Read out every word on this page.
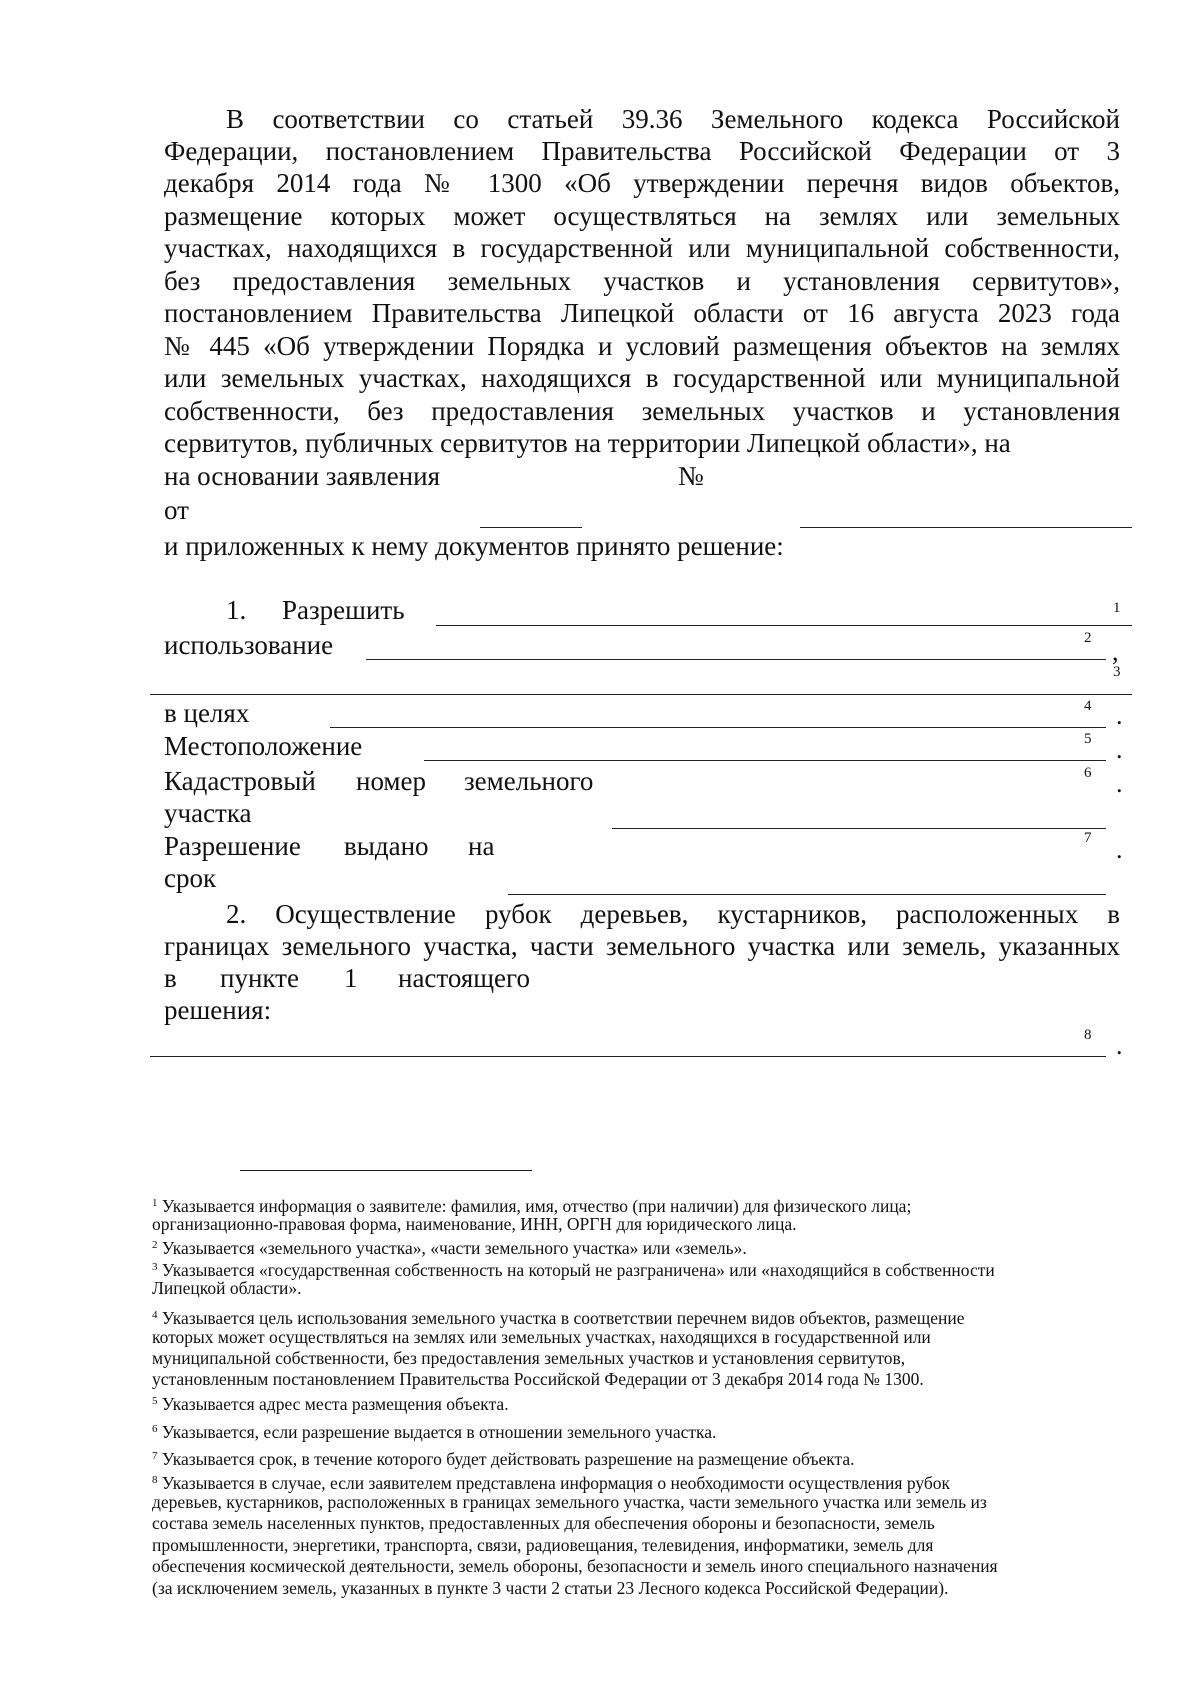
В соответствии со статьей 39.36 Земельного кодекса Российской
Федерации, постановлением Правительства Российской Федерации от 3
декабря 2014 года № 1300 «Об утверждении перечня видов объектов,
размещение которых может осуществляться на землях или земельных
участках, находящихся в государственной или муниципальной собственности,
без предоставления земельных участков и установления сервитутов»,
постановлением Правительства Липецкой области от 16 августа 2023 года
№ 445 «Об утверждении Порядка и условий размещения объектов на землях
или земельных участках, находящихся в государственной или муниципальной
собственности, без предоставления земельных участков и установления
сервитутов, публичных сервитутов на территории Липецкой области», на
на основании заявления	№
от
и приложенных к нему документов принято решение:
1. Разрешить	1
использование	2 ,
3
в целях	4 .
Местоположение	5 .
Кадастровый номер земельного	6 .
участка
Разрешение выдано на	7 .
срок
2. Осуществление рубок деревьев, кустарников, расположенных в
границах земельного участка, части земельного участка или земель, указанных
в пункте 1 настоящего
решения:
8 .
$^1$ Указывается информация о заявителе: фамилия, имя, отчество (при наличии) для физического лица;
организационно-правовая форма, наименование, ИНН, ОРГН для юридического лица.
$^2$ Указывается «земельного участка», «части земельного участка» или «земель».
$^3$ Указывается «государственная собственность на который не разграничена» или «находящийся в собственности
Липецкой области».
$^4$ Указывается цель использования земельного участка в соответствии перечнем видов объектов, размещение
которых может осуществляться на землях или земельных участках, находящихся в государственной или
муниципальной собственности, без предоставления земельных участков и установления сервитутов,
установленным постановлением Правительства Российской Федерации от 3 декабря 2014 года № 1300.
$^5$ Указывается адрес места размещения объекта.
$^6$ Указывается, если разрешение выдается в отношении земельного участка.
$^7$ Указывается срок, в течение которого будет действовать разрешение на размещение объекта.
$^8$ Указывается в случае, если заявителем представлена информация о необходимости осуществления рубок
деревьев, кустарников, расположенных в границах земельного участка, части земельного участка или земель из
состава земель населенных пунктов, предоставленных для обеспечения обороны и безопасности, земель
промышленности, энергетики, транспорта, связи, радиовещания, телевидения, информатики, земель для
обеспечения космической деятельности, земель обороны, безопасности и земель иного специального назначения
(за исключением земель, указанных в пункте 3 части 2 статьи 23 Лесного кодекса Российской Федерации).
